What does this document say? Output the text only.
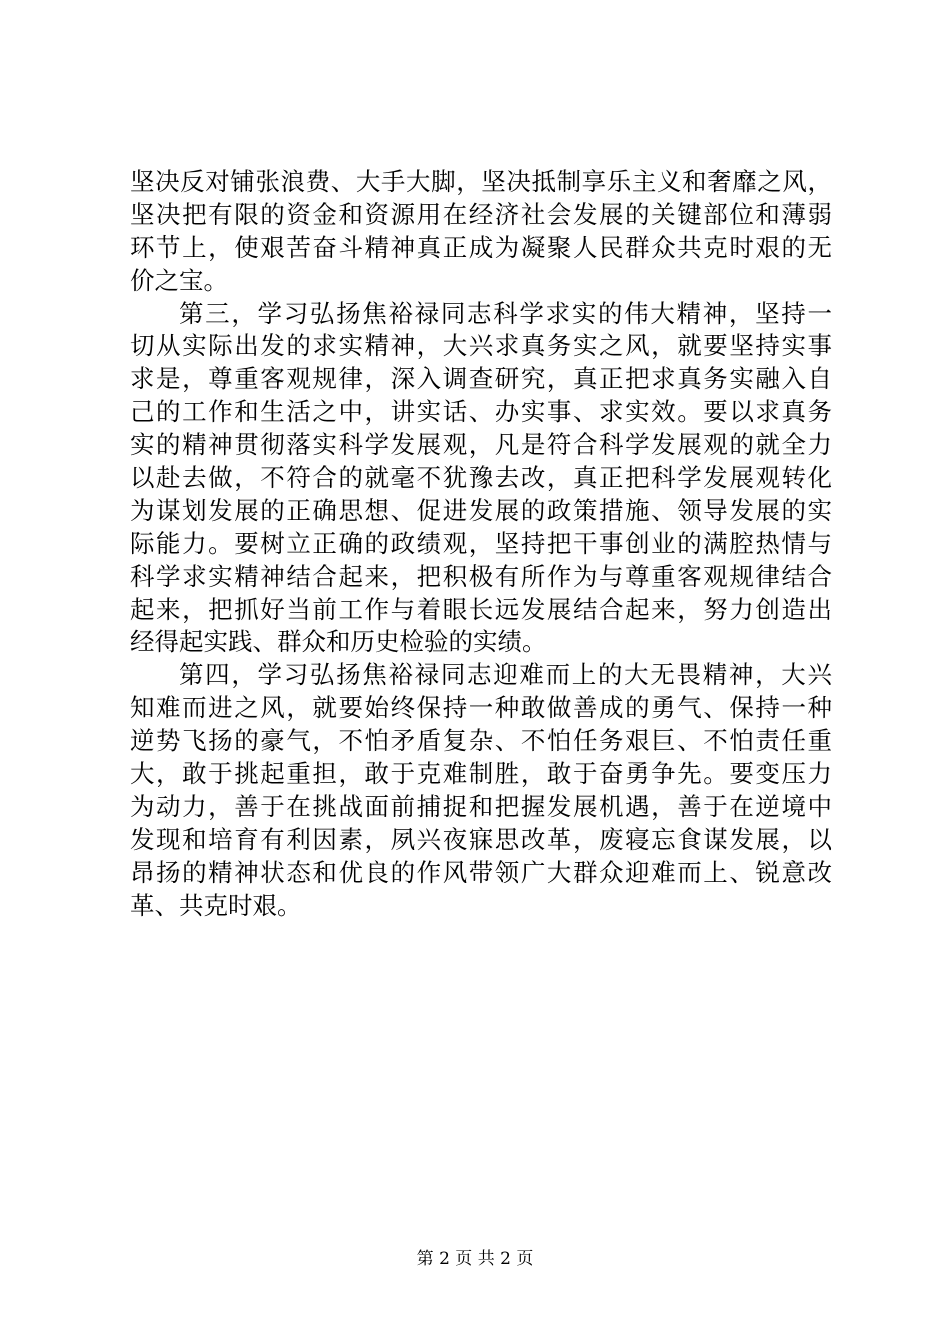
坚决反对铺张浪费、大手大脚，坚决抵制享乐主义和奢靡之风，
坚决把有限的资金和资源用在经济社会发展的关键部位和薄弱
环节上，使艰苦奋斗精神真正成为凝聚人民群众共克时艰的无
价之宝。
第三，学习弘扬焦裕禄同志科学求实的伟大精神，坚持一
切从实际出发的求实精神，大兴求真务实之风，就要坚持实事
求是，尊重客观规律，深入调查研究，真正把求真务实融入自
己的工作和生活之中，讲实话、办实事、求实效。要以求真务
实的精神贯彻落实科学发展观，凡是符合科学发展观的就全力
以赴去做，不符合的就毫不犹豫去改，真正把科学发展观转化
为谋划发展的正确思想、促进发展的政策措施、领导发展的实
际能力。要树立正确的政绩观，坚持把干事创业的满腔热情与
科学求实精神结合起来，把积极有所作为与尊重客观规律结合
起来，把抓好当前工作与着眼长远发展结合起来，努力创造出
经得起实践、群众和历史检验的实绩。
第四，学习弘扬焦裕禄同志迎难而上的大无畏精神，大兴
知难而进之风，就要始终保持一种敢做善成的勇气、保持一种
逆势飞扬的豪气，不怕矛盾复杂、不怕任务艰巨、不怕责任重
大，敢于挑起重担，敢于克难制胜，敢于奋勇争先。要变压力
为动力，善于在挑战面前捕捉和把握发展机遇，善于在逆境中
发现和培育有利因素，夙兴夜寐思改革，废寝忘食谋发展，以
昂扬的精神状态和优良的作风带领广大群众迎难而上、锐意改
革、共克时艰。
第 2 页 共 2 页
